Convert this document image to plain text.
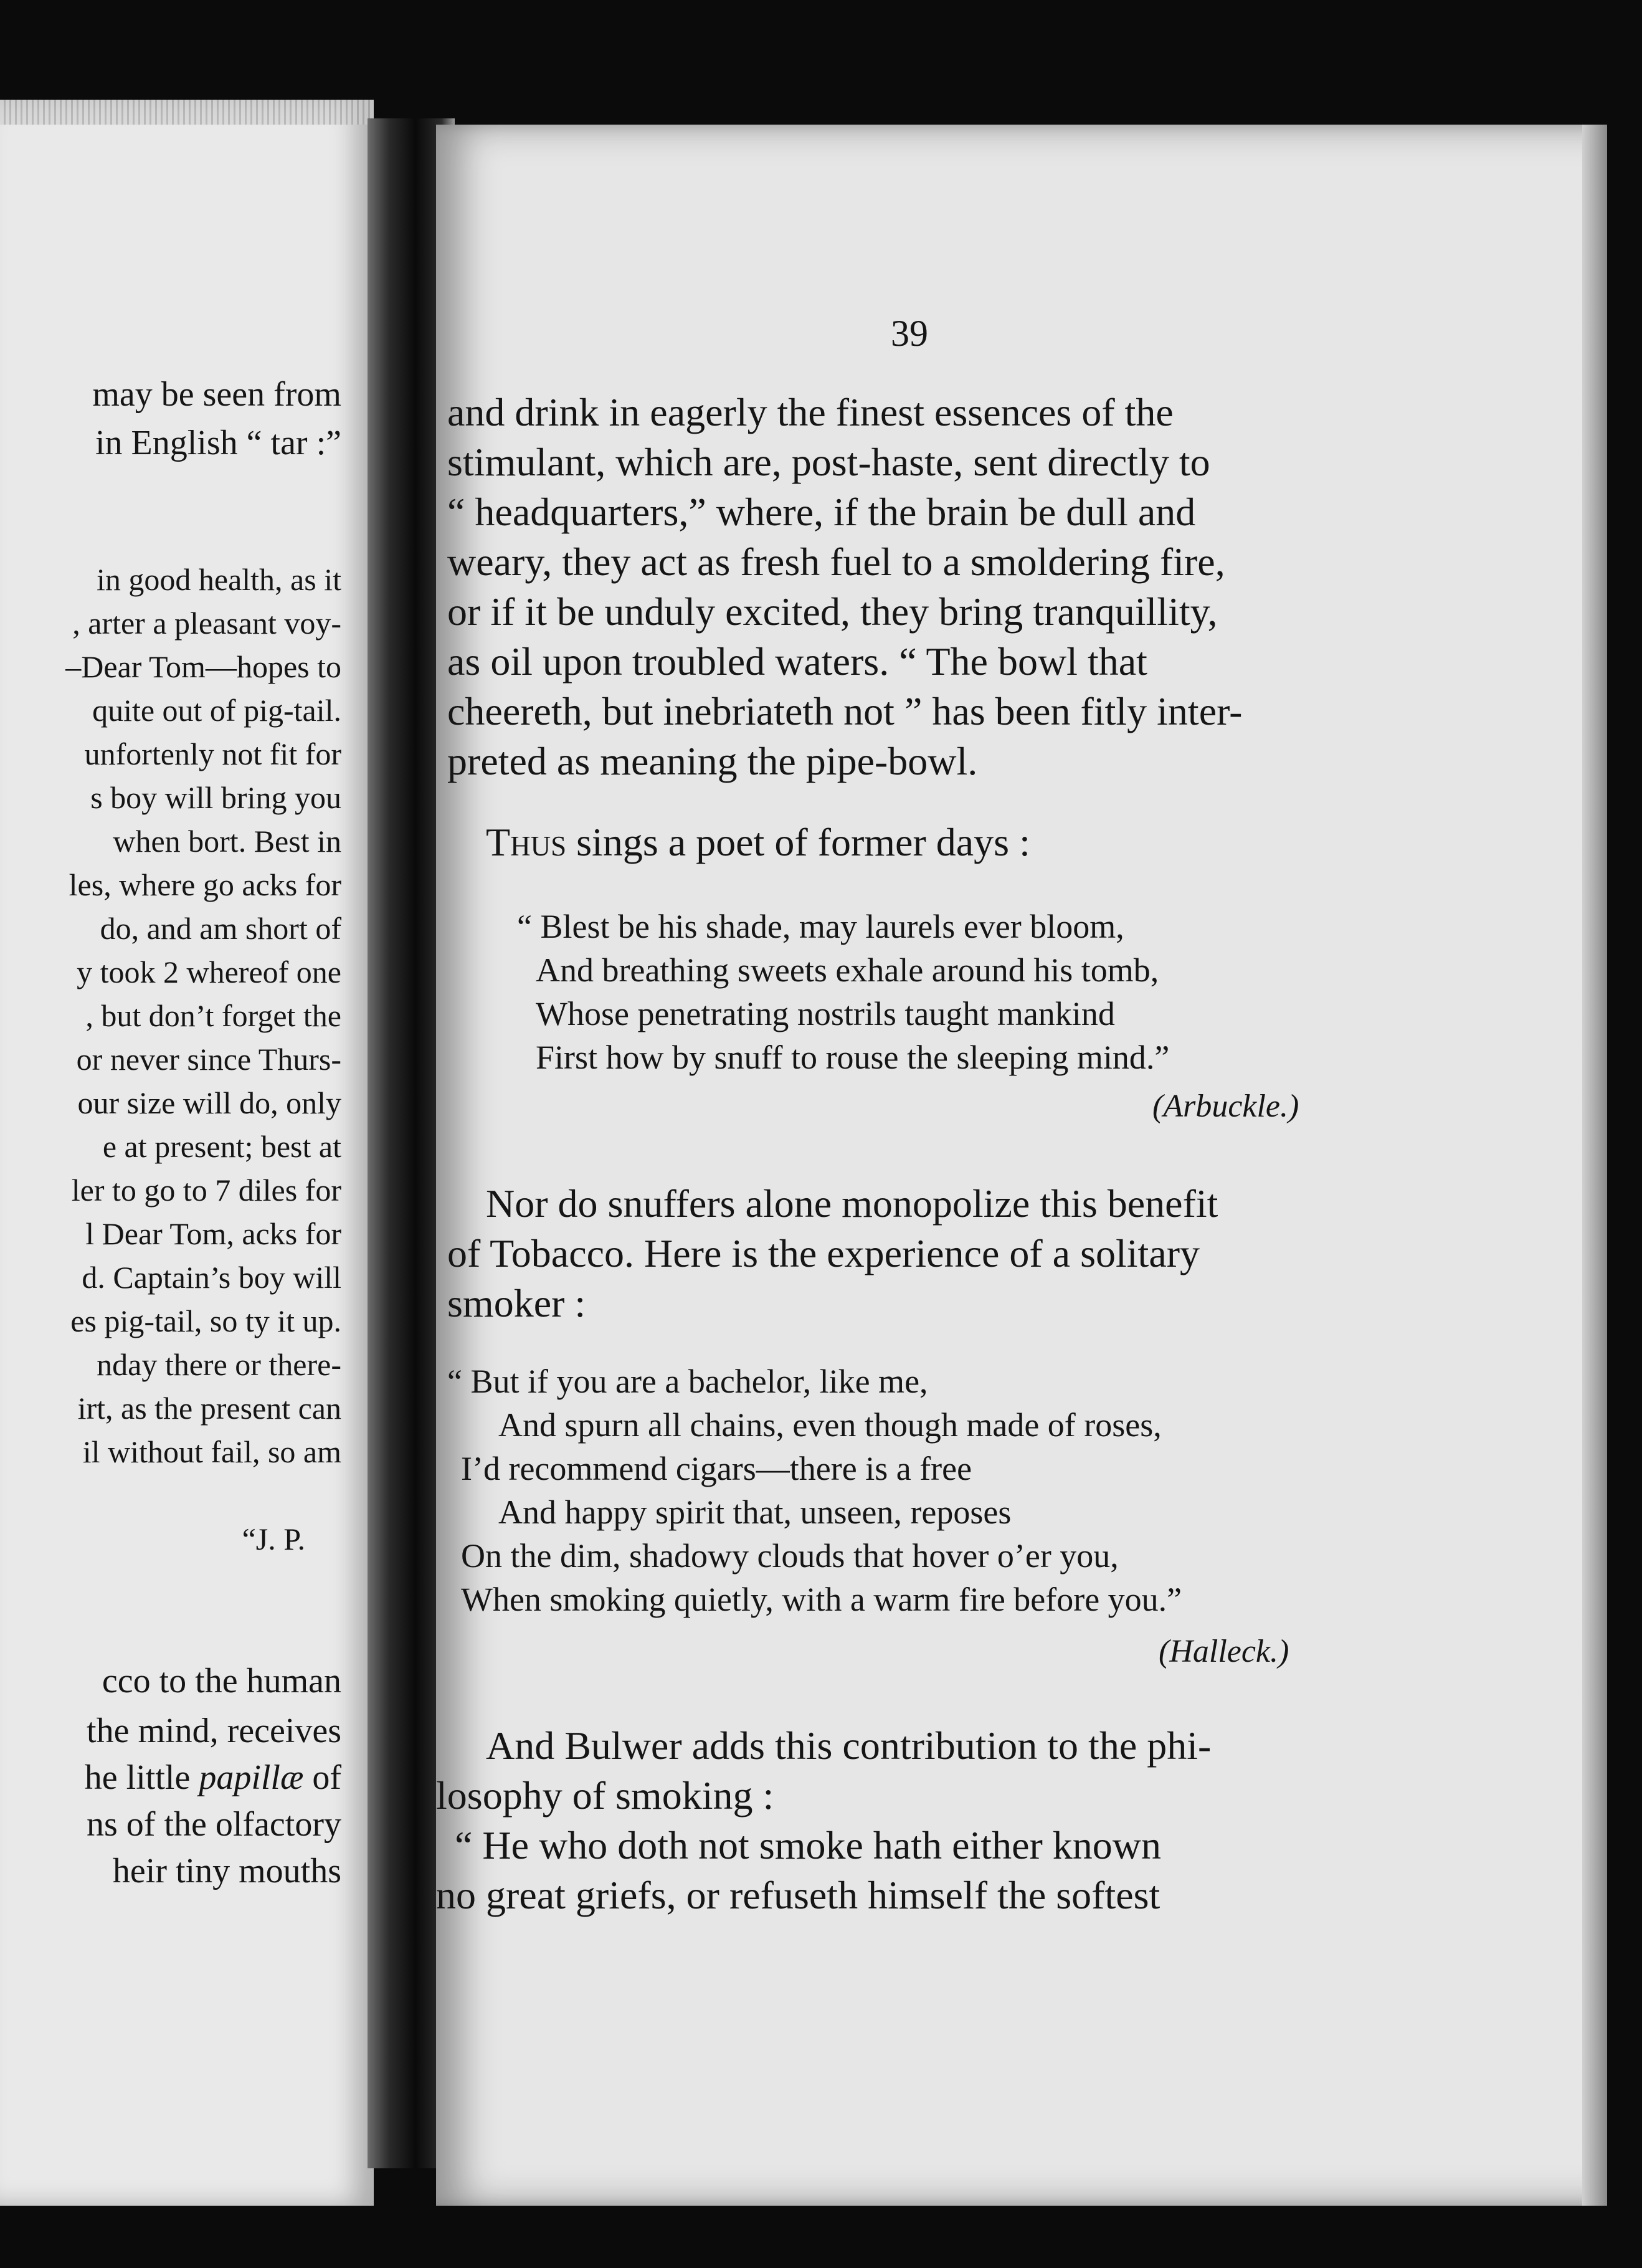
may be seen from
in English “ tar :”
in good health, as it
, arter a pleasant voy-
–Dear Tom—hopes to
quite out of pig-tail.
unfortenly not fit for
s boy will bring you
when bort. Best in
les, where go acks for
do, and am short of
y took 2 whereof one
, but don’t forget the
or never since Thurs-
our size will do, only
e at present; best at
ler to go to 7 diles for
l Dear Tom, acks for
d. Captain’s boy will
es pig-tail, so ty it up.
nday there or there-
irt, as the present can
il without fail, so am
“J. P.
cco to the human
the mind, receives
he little papillæ of
ns of the olfactory
heir tiny mouths
39
and drink in eagerly the finest essences of the
stimulant, which are, post-haste, sent directly to
“ headquarters,” where, if the brain be dull and
weary, they act as fresh fuel to a smoldering fire,
or if it be unduly excited, they bring tranquillity,
as oil upon troubled waters. “ The bowl that
cheereth, but inebriateth not ” has been fitly inter-
preted as meaning the pipe-bowl.
Thus sings a poet of former days :
“ Blest be his shade, may laurels ever bloom,
And breathing sweets exhale around his tomb,
Whose penetrating nostrils taught mankind
First how by snuff to rouse the sleeping mind.”
(Arbuckle.)
Nor do snuffers alone monopolize this benefit
of Tobacco. Here is the experience of a solitary
smoker :
“ But if you are a bachelor, like me,
And spurn all chains, even though made of roses,
I’d recommend cigars—there is a free
And happy spirit that, unseen, reposes
On the dim, shadowy clouds that hover o’er you,
When smoking quietly, with a warm fire before you.”
(Halleck.)
And Bulwer adds this contribution to the phi-
losophy of smoking :
“ He who doth not smoke hath either known
no great griefs, or refuseth himself the softest
